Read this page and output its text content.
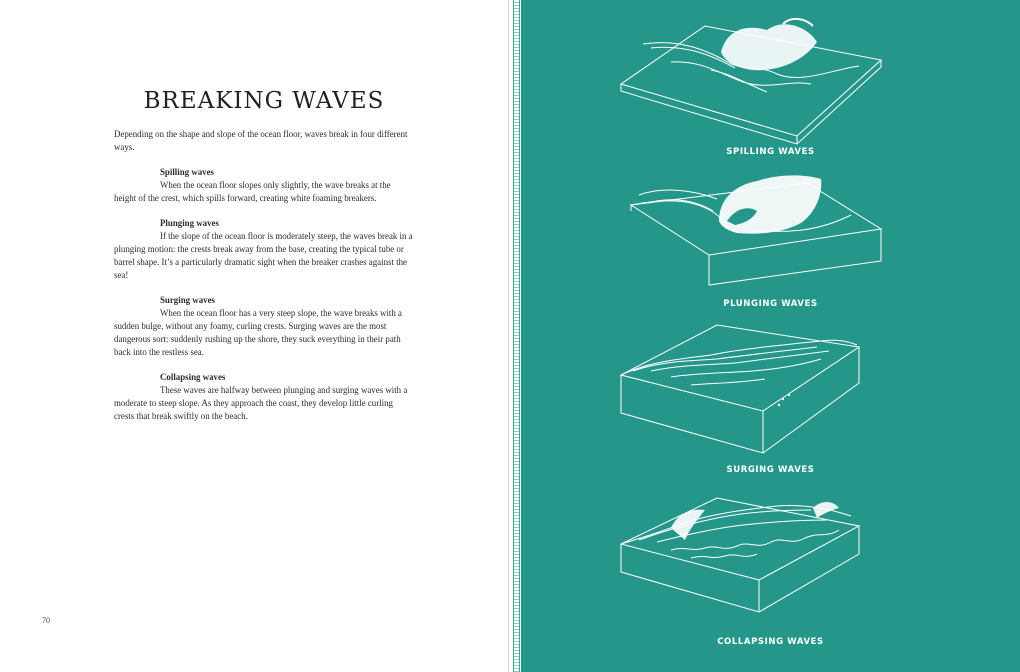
BREAKING WAVES

Depending on the shape and slope of the ocean floor, waves break in four different ways.

Spilling waves

When the ocean floor slopes only slightly, the wave breaks at the height of the crest, which spills forward, creating white foaming breakers.

Plunging waves

If the slope of the ocean floor is moderately steep, the waves break in a plunging motion: the crests break away from the base, creating the typical tube or barrel shape. It’s a particularly dramatic sight when the breaker crashes against the sea!

Surging waves

When the ocean floor has a very steep slope, the wave breaks with a sudden bulge, without any foamy, curling crests. Surging waves are the most dangerous sort: suddenly rushing up the shore, they suck everything in their path back into the restless sea.

Collapsing waves

These waves are halfway between plunging and surging waves with a moderate to steep slope. As they approach the coast, they develop little curling crests that break swiftly on the beach.

70
SPILLING WAVES
PLUNGING WAVES
SURGING WAVES
COLLAPSING WAVES
